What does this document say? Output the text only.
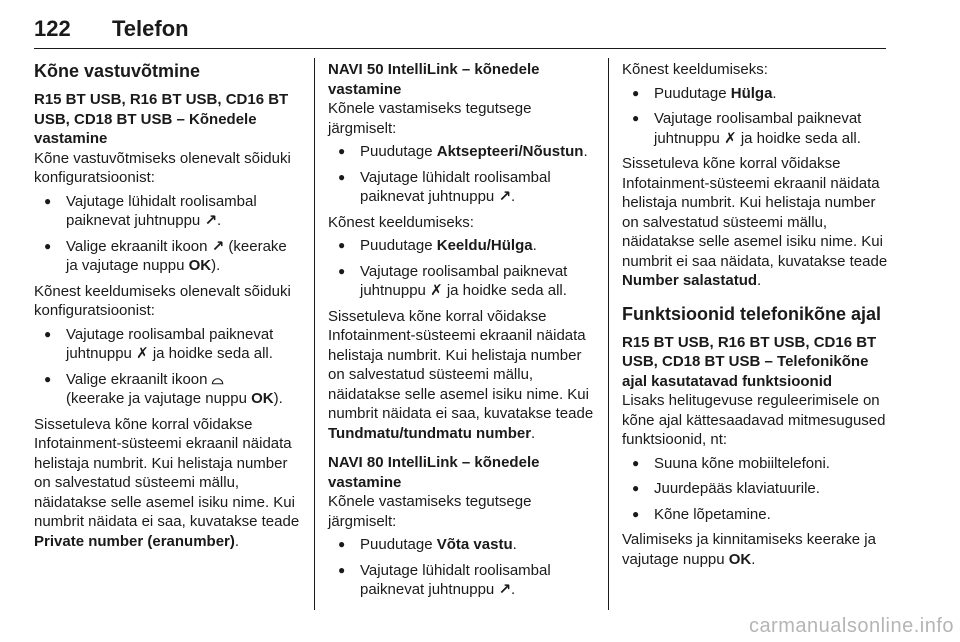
122 Telefon
Kõne vastuvõtmine
R15 BT USB, R16 BT USB, CD16 BT USB, CD18 BT USB – Kõnedele vastamine

Kõne vastuvõtmiseks olenevalt sõiduki konfiguratsioonist:

● Vajutage lühidalt roolisambal paiknevat juhtnuppu ↗.
● Valige ekraanilt ikoon ↗ (keerake ja vajutage nuppu OK).

Kõnest keeldumiseks olenevalt sõiduki konfiguratsioonist:

● Vajutage roolisambal paiknevat juhtnuppu ✗ ja hoidke seda all.
● Valige ekraanilt ikoon ⌓
(keerake ja vajutage nuppu OK).

Sissetuleva kõne korral võidakse Infotainment-süsteemi ekraanil näidata helistaja numbrit. Kui helistaja number on salvestatud süsteemi mällu, näidatakse selle asemel isiku nime. Kui numbrit näidata ei saa, kuvatakse teade Private number (eranumber).

NAVI 50 IntelliLink – kõnedele vastamine

Kõnele vastamiseks tegutsege järgmiselt:

● Puudutage Aktsepteeri/Nõustun.
● Vajutage lühidalt roolisambal paiknevat juhtnuppu ↗.

Kõnest keeldumiseks:

● Puudutage Keeldu/Hülga.
● Vajutage roolisambal paiknevat juhtnuppu ✗ ja hoidke seda all.

Sissetuleva kõne korral võidakse Infotainment-süsteemi ekraanil näidata helistaja numbrit. Kui helistaja number on salvestatud süsteemi mällu, näidatakse selle asemel isiku nime. Kui numbrit näidata ei saa, kuvatakse teade Tundmatu/tundmatu number.

NAVI 80 IntelliLink – kõnedele vastamine

Kõnele vastamiseks tegutsege järgmiselt:

● Puudutage Võta vastu.
● Vajutage lühidalt roolisambal paiknevat juhtnuppu ↗.

Kõnest keeldumiseks:

● Puudutage Hülga.
● Vajutage roolisambal paiknevat juhtnuppu ✗ ja hoidke seda all.

Sissetuleva kõne korral võidakse Infotainment-süsteemi ekraanil näidata helistaja numbrit. Kui helistaja number on salvestatud süsteemi mällu, näidatakse selle asemel isiku nime. Kui numbrit ei saa näidata, kuvatakse teade Number salastatud.

Funktsioonid telefonikõne ajal
R15 BT USB, R16 BT USB, CD16 BT USB, CD18 BT USB – Telefonikõne ajal kasutatavad funktsioonid

Lisaks helitugevuse reguleerimisele on kõne ajal kättesaadavad mitmesugused funktsioonid, nt:

● Suuna kõne mobiiltelefoni.
● Juurdepääs klaviatuurile.
● Kõne lõpetamine.

Valimiseks ja kinnitamiseks keerake ja vajutage nuppu OK.

carmanualsonline.info
